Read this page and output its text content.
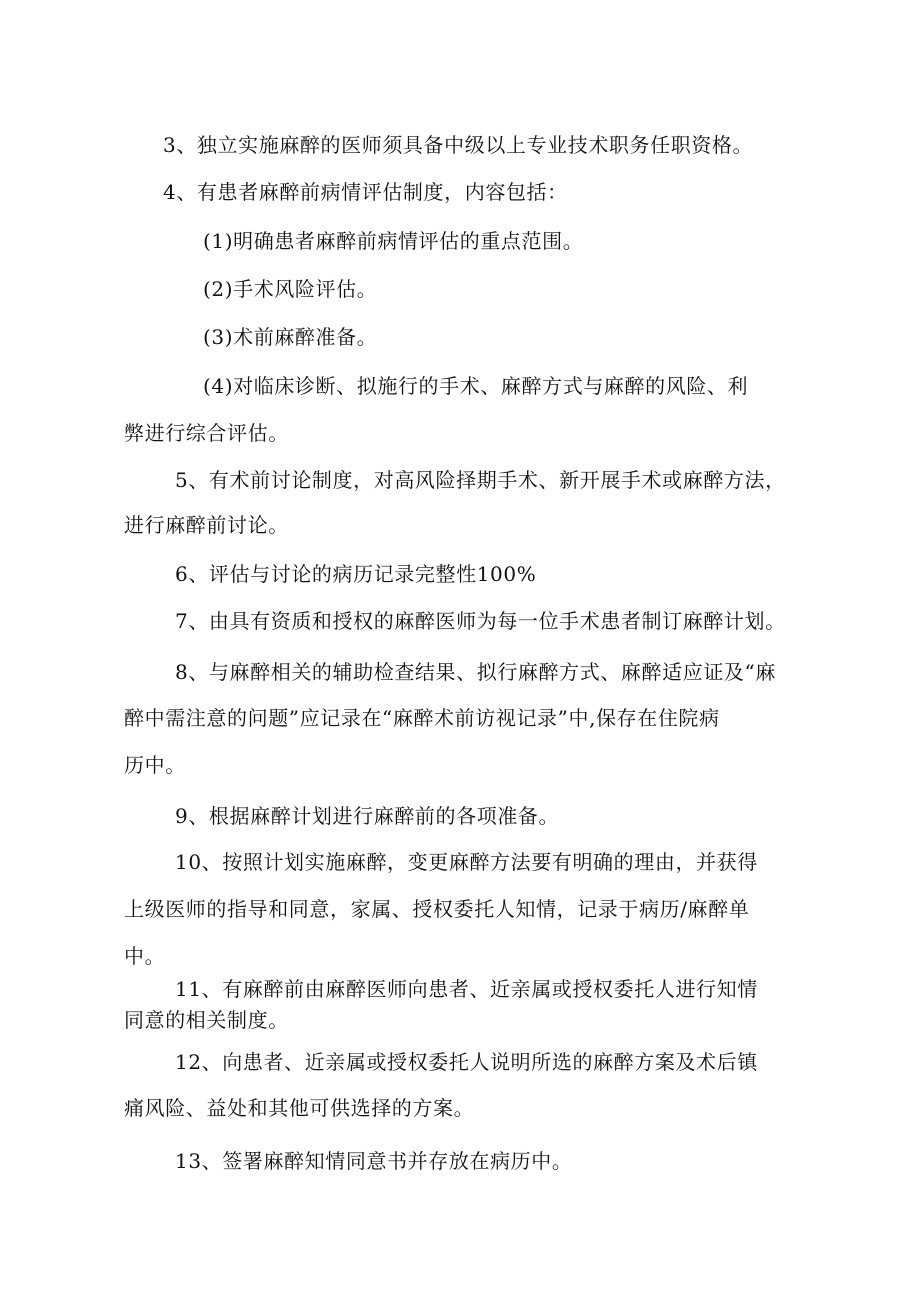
3、独立实施麻醉的医师须具备中级以上专业技术职务任职资格。
4、有患者麻醉前病情评估制度，内容包括：
(1)明确患者麻醉前病情评估的重点范围。
(2)手术风险评估。
(3)术前麻醉准备。
(4)对临床诊断、拟施行的手术、麻醉方式与麻醉的风险、利
弊进行综合评估。
5、有术前讨论制度，对高风险择期手术、新开展手术或麻醉方法，
进行麻醉前讨论。
6、评估与讨论的病历记录完整性100%
7、由具有资质和授权的麻醉医师为每一位手术患者制订麻醉计划。
8、与麻醉相关的辅助检查结果、拟行麻醉方式、麻醉适应证及“麻
醉中需注意的问题”应记录在“麻醉术前访视记录”中,保存在住院病
历中。
9、根据麻醉计划进行麻醉前的各项准备。
10、按照计划实施麻醉，变更麻醉方法要有明确的理由，并获得
上级医师的指导和同意，家属、授权委托人知情，记录于病历/麻醉单
中。
11、有麻醉前由麻醉医师向患者、近亲属或授权委托人进行知情
同意的相关制度。
12、向患者、近亲属或授权委托人说明所选的麻醉方案及术后镇
痛风险、益处和其他可供选择的方案。
13、签署麻醉知情同意书并存放在病历中。
